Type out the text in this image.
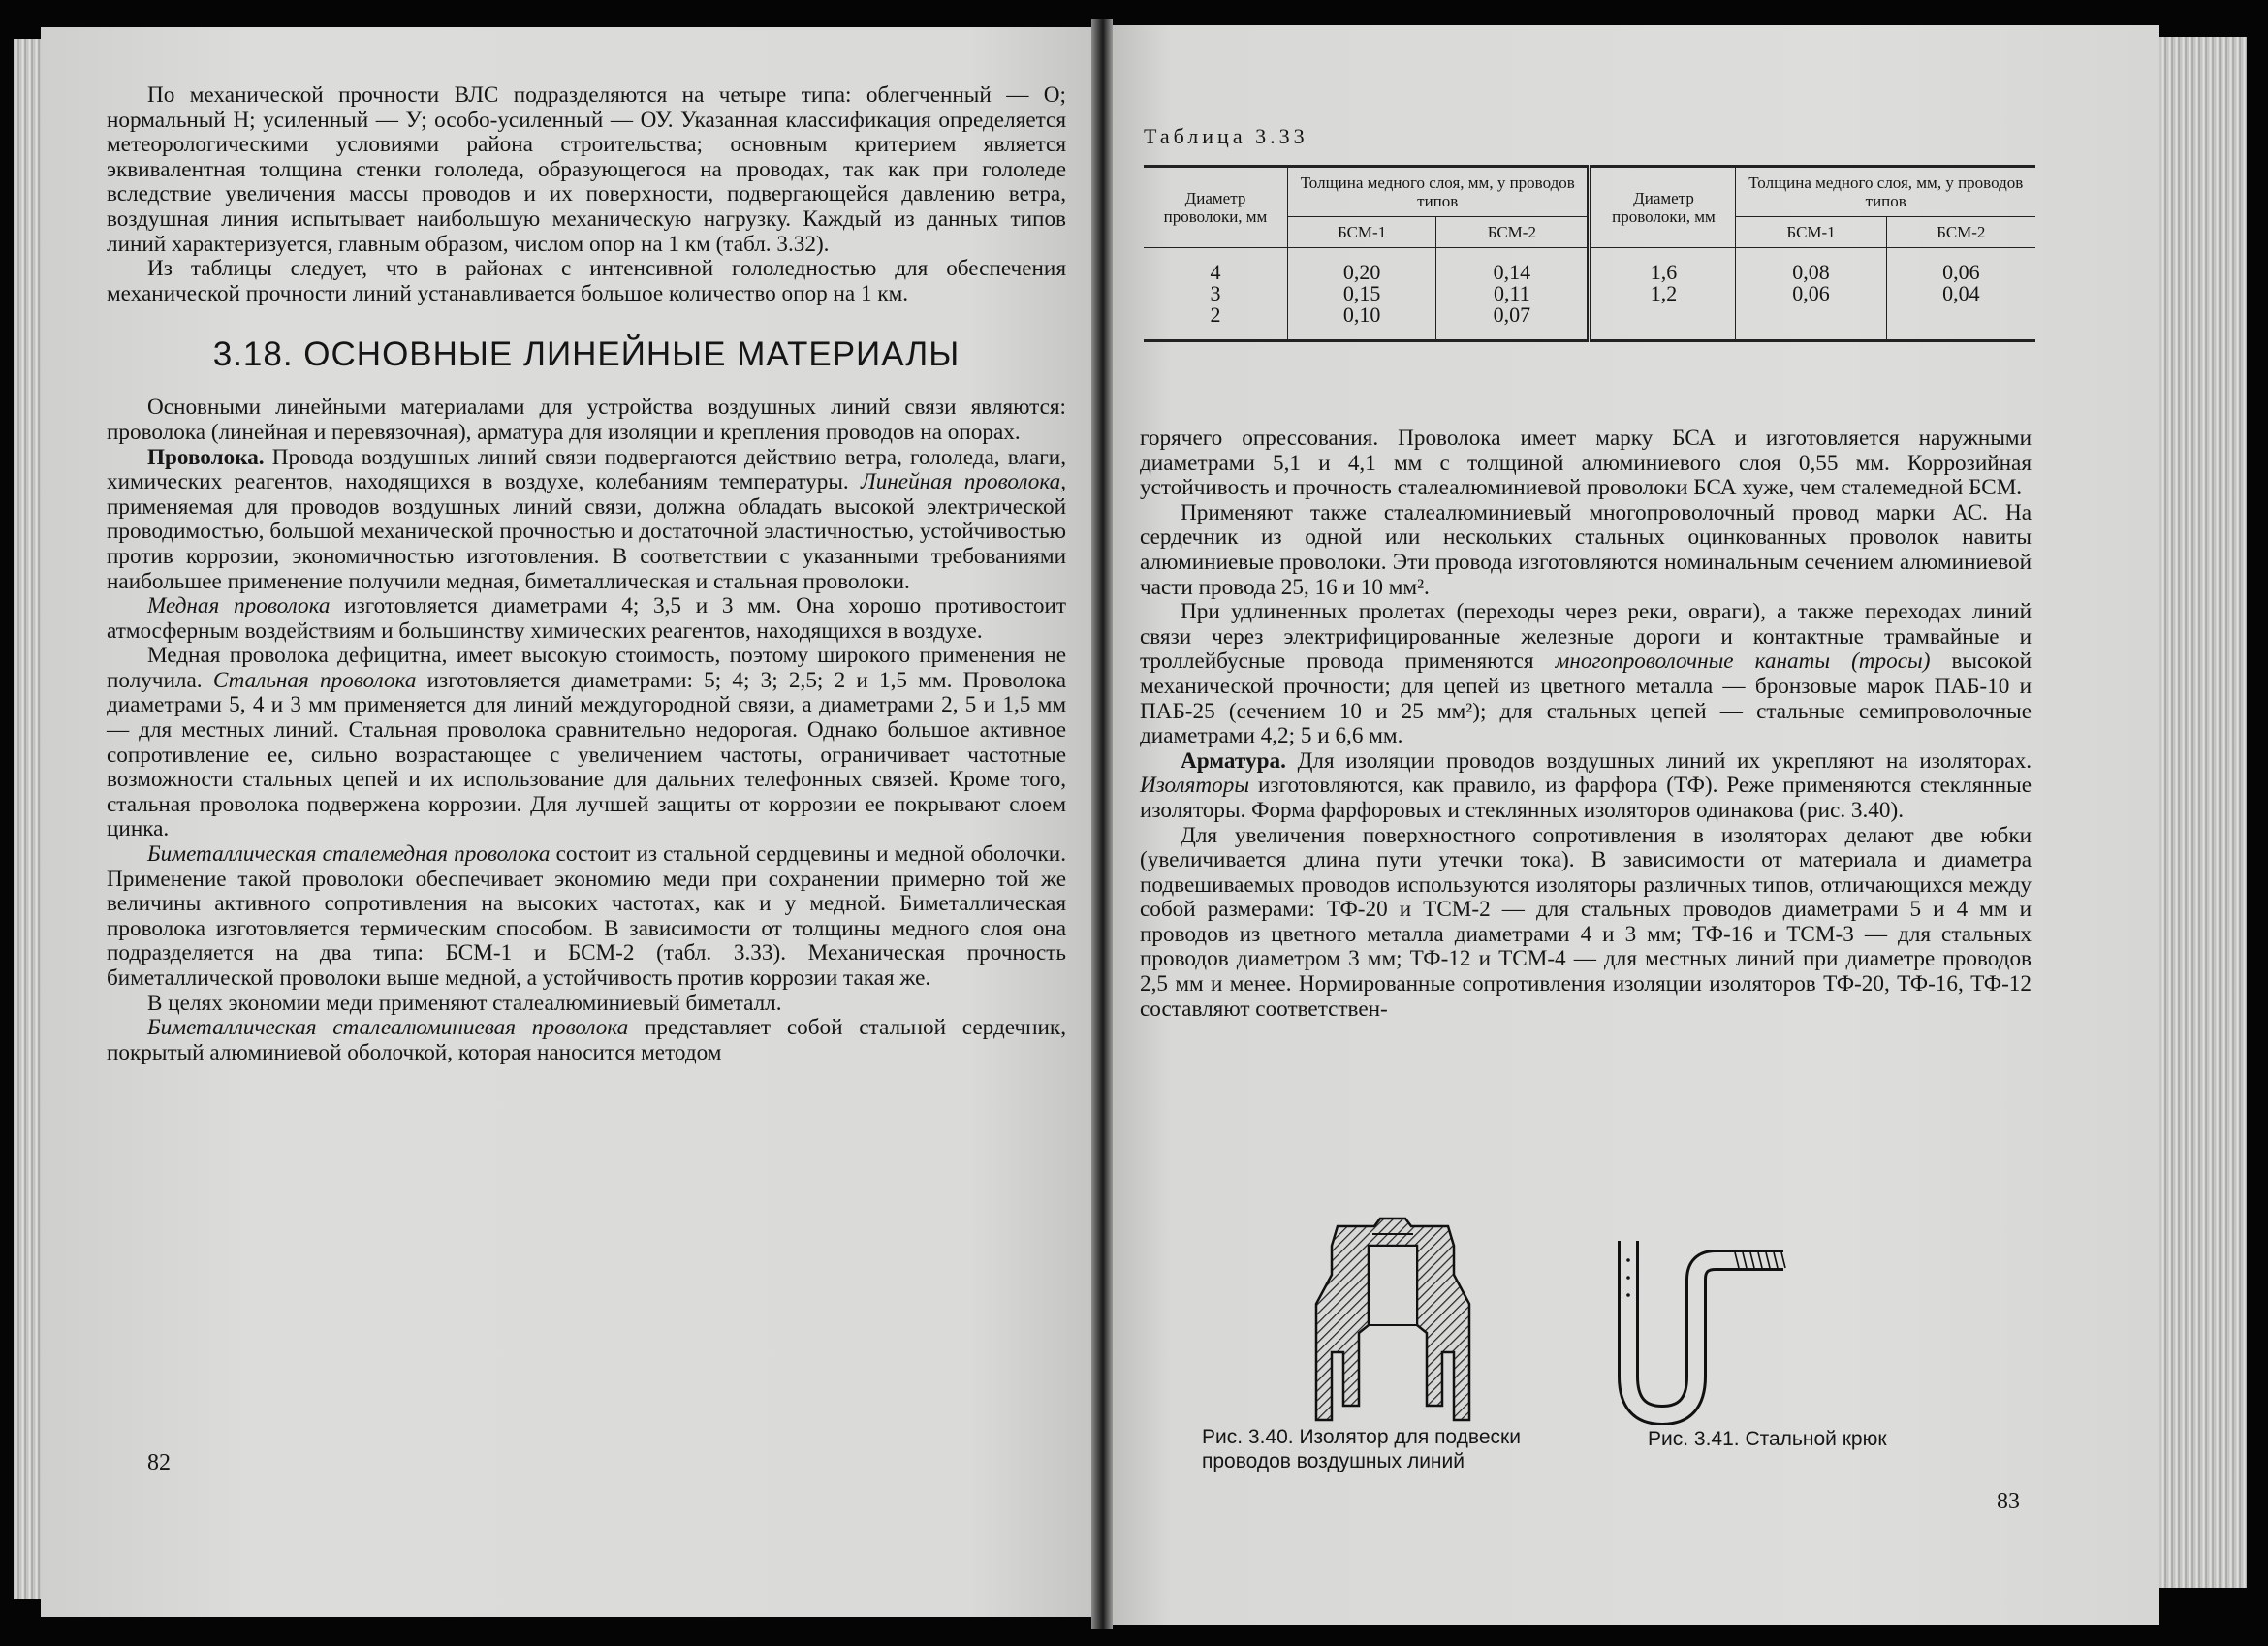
По механической прочности ВЛС подразделяются на четыре типа: облегченный — О; нормальный Н; усиленный — У; особо-усиленный — ОУ. Указанная классификация определяется метеорологическими условиями района строительства; основным критерием является эквивалентная толщина стенки гололеда, образующегося на проводах, так как при гололеде вследствие увеличения массы проводов и их поверхности, подвергающейся давлению ветра, воздушная линия испытывает наибольшую механическую нагрузку. Каждый из данных типов линий характеризуется, главным образом, числом опор на 1 км (табл. 3.32).

Из таблицы следует, что в районах с интенсивной гололедностью для обеспечения механической прочности линий устанавливается большое количество опор на 1 км.

3.18. ОСНОВНЫЕ ЛИНЕЙНЫЕ МАТЕРИАЛЫ

Основными линейными материалами для устройства воздушных линий связи являются: проволока (линейная и перевязочная), арматура для изоляции и крепления проводов на опорах.

Проволока. Провода воздушных линий связи подвергаются действию ветра, гололеда, влаги, химических реагентов, находящихся в воздухе, колебаниям температуры. Линейная проволока, применяемая для проводов воздушных линий связи, должна обладать высокой электрической проводимостью, большой механической прочностью и достаточной эластичностью, устойчивостью против коррозии, экономичностью изготовления. В соответствии с указанными требованиями наибольшее применение получили медная, биметаллическая и стальная проволоки.

Медная проволока изготовляется диаметрами 4; 3,5 и 3 мм. Она хорошо противостоит атмосферным воздействиям и большинству химических реагентов, находящихся в воздухе.

Медная проволока дефицитна, имеет высокую стоимость, поэтому широкого применения не получила. Стальная проволока изготовляется диаметрами: 5; 4; 3; 2,5; 2 и 1,5 мм. Проволока диаметрами 5, 4 и 3 мм применяется для линий междугородной связи, а диаметрами 2, 5 и 1,5 мм — для местных линий. Стальная проволока сравнительно недорогая. Однако большое активное сопротивление ее, сильно возрастающее с увеличением частоты, ограничивает частотные возможности стальных цепей и их использование для дальних телефонных связей. Кроме того, стальная проволока подвержена коррозии. Для лучшей защиты от коррозии ее покрывают слоем цинка.

Биметаллическая сталемедная проволока состоит из стальной сердцевины и медной оболочки. Применение такой проволоки обеспечивает экономию меди при сохранении примерно той же величины активного сопротивления на высоких частотах, как и у медной. Биметаллическая проволока изготовляется термическим способом. В зависимости от толщины медного слоя она подразделяется на два типа: БСМ-1 и БСМ-2 (табл. 3.33). Механическая прочность биметаллической проволоки выше медной, а устойчивость против коррозии такая же.

В целях экономии меди применяют сталеалюминиевый биметалл.

Биметаллическая сталеалюминиевая проволока представляет собой стальной сердечник, покрытый алюминиевой оболочкой, которая наносится методом

82
Таблица 3.33
Диаметр проволоки, мм	Толщина медного слоя, мм, у проводов типов		Диаметр проволоки, мм	Толщина медного слоя, мм, у проводов типов	
	БСМ-1	БСМ-2		БСМ-1	БСМ-2
4	0,20	0,14	1,6	0,08	0,06
3	0,15	0,11	1,2	0,06	0,04
2	0,10	0,07			

горячего опрессования. Проволока имеет марку БСА и изготовляется наружными диаметрами 5,1 и 4,1 мм с толщиной алюминиевого слоя 0,55 мм. Коррозийная устойчивость и прочность сталеалюминиевой проволоки БСА хуже, чем сталемедной БСМ.

Применяют также сталеалюминиевый многопроволочный провод марки АС. На сердечник из одной или нескольких стальных оцинкованных проволок навиты алюминиевые проволоки. Эти провода изготовляются номинальным сечением алюминиевой части провода 25, 16 и 10 мм².

При удлиненных пролетах (переходы через реки, овраги), а также переходах линий связи через электрифицированные железные дороги и контактные трамвайные и троллейбусные провода применяются многопроволочные канаты (тросы) высокой механической прочности; для цепей из цветного металла — бронзовые марок ПАБ-10 и ПАБ-25 (сечением 10 и 25 мм²); для стальных цепей — стальные семипроволочные диаметрами 4,2; 5 и 6,6 мм.

Арматура. Для изоляции проводов воздушных линий их укрепляют на изоляторах. Изоляторы изготовляются, как правило, из фарфора (ТФ). Реже применяются стеклянные изоляторы. Форма фарфоровых и стеклянных изоляторов одинакова (рис. 3.40).

Для увеличения поверхностного сопротивления в изоляторах делают две юбки (увеличивается длина пути утечки тока). В зависимости от материала и диаметра подвешиваемых проводов используются изоляторы различных типов, отличающихся между собой размерами: ТФ-20 и ТСМ-2 — для стальных проводов диаметрами 5 и 4 мм и проводов из цветного металла диаметрами 4 и 3 мм; ТФ-16 и ТСМ-3 — для стальных проводов диаметром 3 мм; ТФ-12 и ТСМ-4 — для местных линий при диаметре проводов 2,5 мм и менее. Нормированные сопротивления изоляции изоляторов ТФ-20, ТФ-16, ТФ-12 составляют соответствен-

Рис. 3.40. Изолятор для подвески проводов воздушных линий
Рис. 3.41. Стальной крюк
83
